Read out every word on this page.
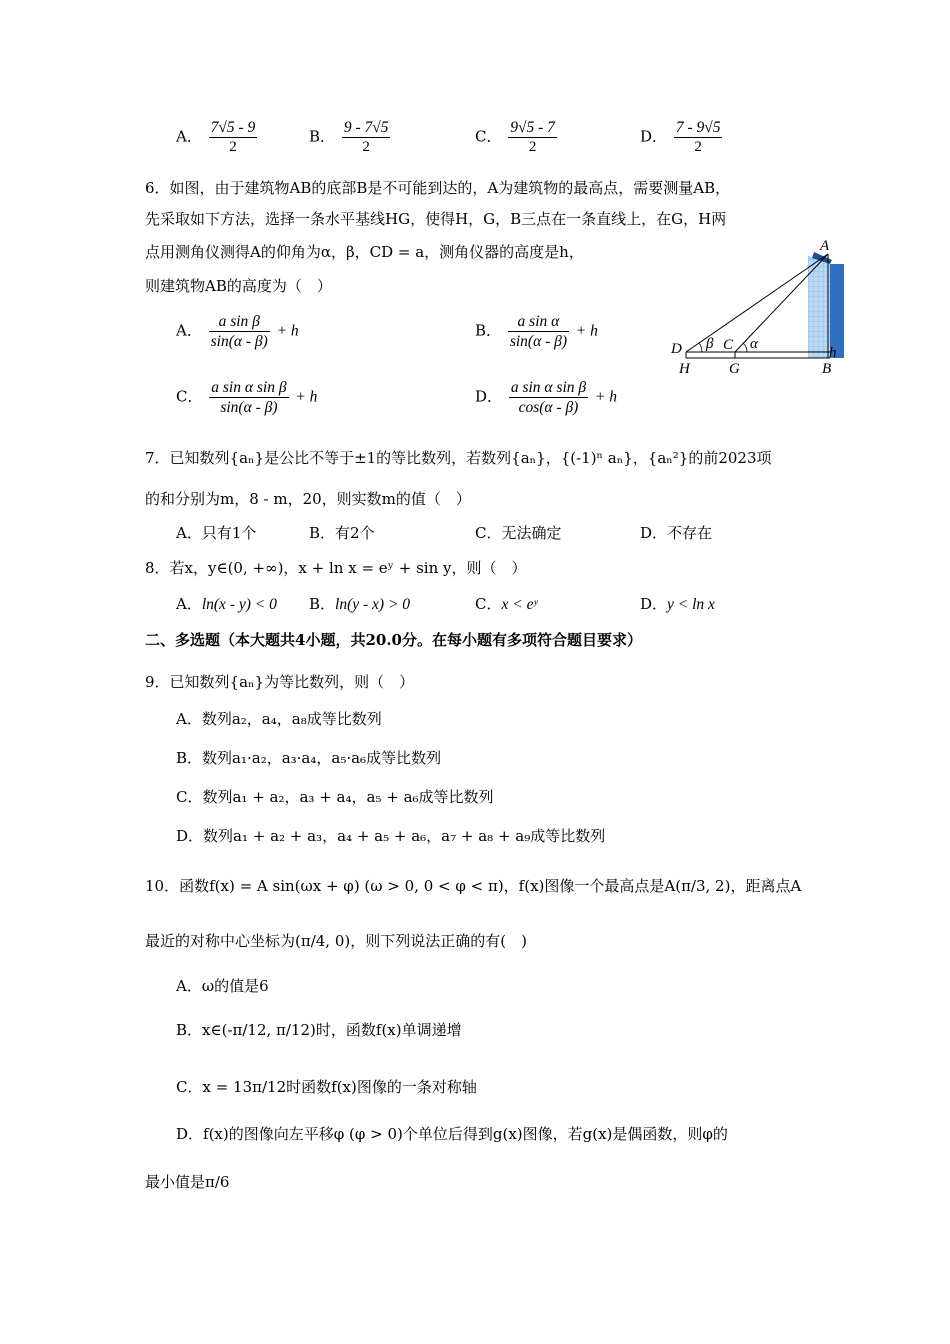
A． $\frac{7√5 - 9}{2}$	B． $\frac{9 - 7√5}{2}$	C． $\frac{9√5 - 7}{2}$	D． $\frac{7 - 9√5}{2}$
6．如图，由于建筑物AB的底部B是不可能到达的，A为建筑物的最高点，需要测量AB，
先采取如下方法，选择一条水平基线HG，使得H，G，B三点在一条直线上，在G，H两
点用测角仪测得A的仰角为α，β，CD = a，测角仪器的高度是h，
则建筑物AB的高度为（　）
A． $\frac{\text{a sin β}}{\sin(\alpha - \beta)} + h$	B． $\frac{\text{a sin α}}{\sin(\alpha - \beta)} + h$
C． $\frac{\text{a sin α sin β}}{\sin(\alpha - \beta)} + h$	D． $\frac{\text{a sin α sin β}}{\cos(\alpha - \beta)} + h$
A
D β C α
h
H	G	B
7．已知数列{aₙ}是公比不等于±1的等比数列，若数列{aₙ}，{(-1)ⁿ aₙ}，{aₙ²}的前2023项
的和分别为m，8 - m，20，则实数m的值（　）
A．只有1个	B．有2个	C．无法确定	D．不存在
8．若x，y∈(0, +∞)，x + ln x = eʸ + sin y，则（　）
A．ln(x - y) < 0 B．ln(y - x) > 0	C．x < eʸ	D．y < ln x
二、多选题（本大题共4小题，共20.0分。在每小题有多项符合题目要求）
9．已知数列{aₙ}为等比数列，则（　）
A．数列a₂，a₄，a₈成等比数列
B．数列a₁·a₂，a₃·a₄，a₅·a₆成等比数列
C．数列a₁ + a₂，a₃ + a₄，a₅ + a₆成等比数列
D．数列a₁ + a₂ + a₃，a₄ + a₅ + a₆，a₇ + a₈ + a₉成等比数列
10．函数f(x) = A sin(ωx + φ) (ω > 0, 0 < φ < π)，f(x)图像一个最高点是A(π/3, 2)，距离点A
最近的对称中心坐标为(π/4, 0)，则下列说法正确的有(　)
A．ω的值是6
B．x∈(-π/12, π/12)时，函数f(x)单调递增
C．x = 13π/12时函数f(x)图像的一条对称轴
D．f(x)的图像向左平移φ (φ > 0)个单位后得到g(x)图像，若g(x)是偶函数，则φ的
最小值是π/6
